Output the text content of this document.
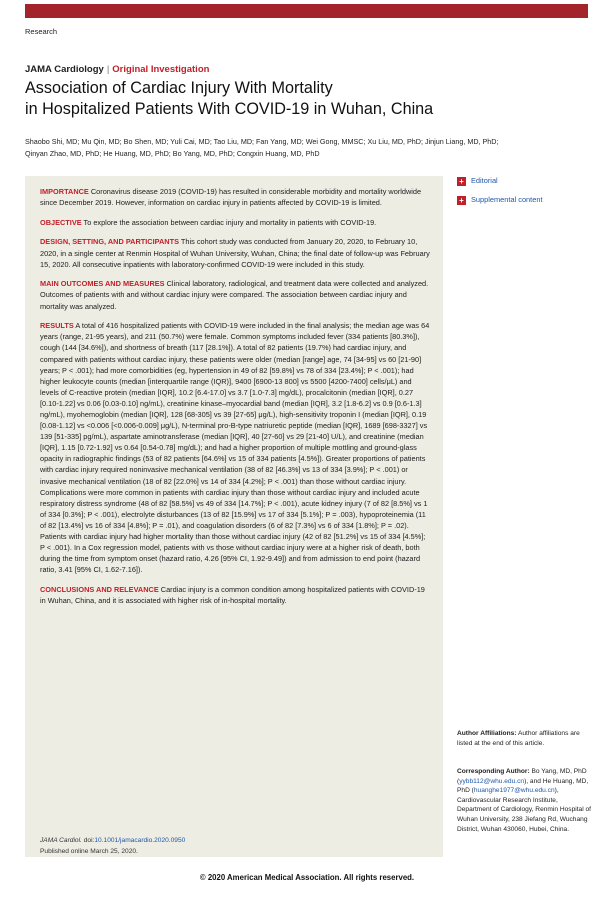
Research
JAMA Cardiology | Original Investigation
Association of Cardiac Injury With Mortality
in Hospitalized Patients With COVID-19 in Wuhan, China
Shaobo Shi, MD; Mu Qin, MD; Bo Shen, MD; Yuli Cai, MD; Tao Liu, MD; Fan Yang, MD; Wei Gong, MMSC; Xu Liu, MD, PhD; Jinjun Liang, MD, PhD;
Qinyan Zhao, MD, PhD; He Huang, MD, PhD; Bo Yang, MD, PhD; Congxin Huang, MD, PhD

IMPORTANCE Coronavirus disease 2019 (COVID-19) has resulted in considerable morbidity and mortality worldwide since December 2019. However, information on cardiac injury in patients affected by COVID-19 is limited.

OBJECTIVE To explore the association between cardiac injury and mortality in patients with COVID-19.

DESIGN, SETTING, AND PARTICIPANTS This cohort study was conducted from January 20, 2020, to February 10, 2020, in a single center at Renmin Hospital of Wuhan University, Wuhan, China; the final date of follow-up was February 15, 2020. All consecutive inpatients with laboratory-confirmed COVID-19 were included in this study.

MAIN OUTCOMES AND MEASURES Clinical laboratory, radiological, and treatment data were collected and analyzed. Outcomes of patients with and without cardiac injury were compared. The association between cardiac injury and mortality was analyzed.

RESULTS A total of 416 hospitalized patients with COVID-19 were included in the final analysis; the median age was 64 years (range, 21-95 years), and 211 (50.7%) were female. Common symptoms included fever (334 patients [80.3%]), cough (144 [34.6%]), and shortness of breath (117 [28.1%]). A total of 82 patients (19.7%) had cardiac injury, and compared with patients without cardiac injury, these patients were older (median [range] age, 74 [34-95] vs 60 [21-90] years; P < .001); had more comorbidities (eg, hypertension in 49 of 82 [59.8%] vs 78 of 334 [23.4%]; P < .001); had higher leukocyte counts (median [interquartile range (IQR)], 9400 [6900-13 800] vs 5500 [4200-7400] cells/μL) and levels of C-reactive protein (median [IQR], 10.2 [6.4-17.0] vs 3.7 [1.0-7.3] mg/dL), procalcitonin (median [IQR], 0.27 [0.10-1.22] vs 0.06 [0.03-0.10] ng/mL), creatinine kinase–myocardial band (median [IQR], 3.2 [1.8-6.2] vs 0.9 [0.6-1.3] ng/mL), myohemoglobin (median [IQR], 128 [68-305] vs 39 [27-65] μg/L), high-sensitivity troponin I (median [IQR], 0.19 [0.08-1.12] vs <0.006 [<0.006-0.009] μg/L), N-terminal pro-B-type natriuretic peptide (median [IQR], 1689 [698-3327] vs 139 [51-335] pg/mL), aspartate aminotransferase (median [IQR], 40 [27-60] vs 29 [21-40] U/L), and creatinine (median [IQR], 1.15 [0.72-1.92] vs 0.64 [0.54-0.78] mg/dL); and had a higher proportion of multiple mottling and ground-glass opacity in radiographic findings (53 of 82 patients [64.6%] vs 15 of 334 patients [4.5%]). Greater proportions of patients with cardiac injury required noninvasive mechanical ventilation (38 of 82 [46.3%] vs 13 of 334 [3.9%]; P < .001) or invasive mechanical ventilation (18 of 82 [22.0%] vs 14 of 334 [4.2%]; P < .001) than those without cardiac injury. Complications were more common in patients with cardiac injury than those without cardiac injury and included acute respiratory distress syndrome (48 of 82 [58.5%] vs 49 of 334 [14.7%]; P < .001), acute kidney injury (7 of 82 [8.5%] vs 1 of 334 [0.3%]; P < .001), electrolyte disturbances (13 of 82 [15.9%] vs 17 of 334 [5.1%]; P = .003), hypoproteinemia (11 of 82 [13.4%] vs 16 of 334 [4.8%]; P = .01), and coagulation disorders (6 of 82 [7.3%] vs 6 of 334 [1.8%]; P = .02). Patients with cardiac injury had higher mortality than those without cardiac injury (42 of 82 [51.2%] vs 15 of 334 [4.5%]; P < .001). In a Cox regression model, patients with vs those without cardiac injury were at a higher risk of death, both during the time from symptom onset (hazard ratio, 4.26 [95% CI, 1.92-9.49]) and from admission to end point (hazard ratio, 3.41 [95% CI, 1.62-7.16]).

CONCLUSIONS AND RELEVANCE Cardiac injury is a common condition among hospitalized patients with COVID-19 in Wuhan, China, and it is associated with higher risk of in-hospital mortality.

JAMA Cardiol. doi:10.1001/jamacardio.2020.0950
Published online March 25, 2020.
+ Editorial
+ Supplemental content
Author Affiliations: Author affiliations are listed at the end of this article.
Corresponding Author: Bo Yang, MD, PhD (yybb112@whu.edu.cn), and He Huang, MD, PhD (huanghe1977@whu.edu.cn), Cardiovascular Research Institute, Department of Cardiology, Renmin Hospital of Wuhan University, 238 Jiefang Rd, Wuchang District, Wuhan 430060, Hubei, China.
© 2020 American Medical Association. All rights reserved.
